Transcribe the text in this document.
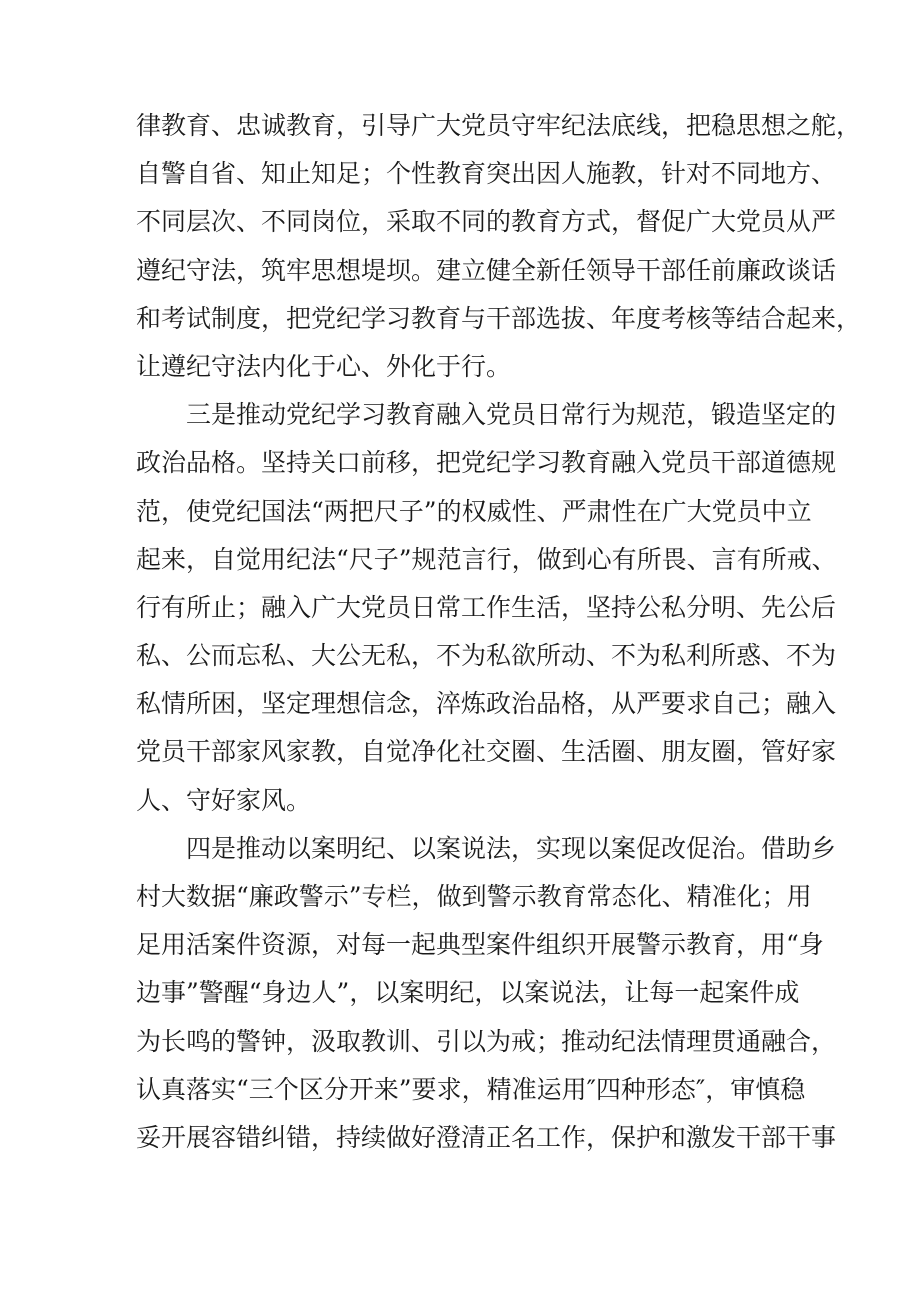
律教育、忠诚教育，引导广大党员守牢纪法底线，把稳思想之舵，
自警自省、知止知足；个性教育突出因人施教，针对不同地方、
不同层次、不同岗位，采取不同的教育方式，督促广大党员从严
遵纪守法，筑牢思想堤坝。建立健全新任领导干部任前廉政谈话
和考试制度，把党纪学习教育与干部选拔、年度考核等结合起来，
让遵纪守法内化于心、外化于行。
三是推动党纪学习教育融入党员日常行为规范，锻造坚定的
政治品格。坚持关口前移，把党纪学习教育融入党员干部道德规
范，使党纪国法“两把尺子”的权威性、严肃性在广大党员中立
起来，自觉用纪法“尺子”规范言行，做到心有所畏、言有所戒、
行有所止；融入广大党员日常工作生活，坚持公私分明、先公后
私、公而忘私、大公无私，不为私欲所动、不为私利所惑、不为
私情所困，坚定理想信念，淬炼政治品格，从严要求自己；融入
党员干部家风家教，自觉净化社交圈、生活圈、朋友圈，管好家
人、守好家风。
四是推动以案明纪、以案说法，实现以案促改促治。借助乡
村大数据“廉政警示”专栏，做到警示教育常态化、精准化；用
足用活案件资源，对每一起典型案件组织开展警示教育，用“身
边事”警醒“身边人”，以案明纪，以案说法，让每一起案件成
为长鸣的警钟，汲取教训、引以为戒；推动纪法情理贯通融合，
认真落实“三个区分开来”要求，精准运用″四种形态″，审慎稳
妥开展容错纠错，持续做好澄清正名工作，保护和激发干部干事
